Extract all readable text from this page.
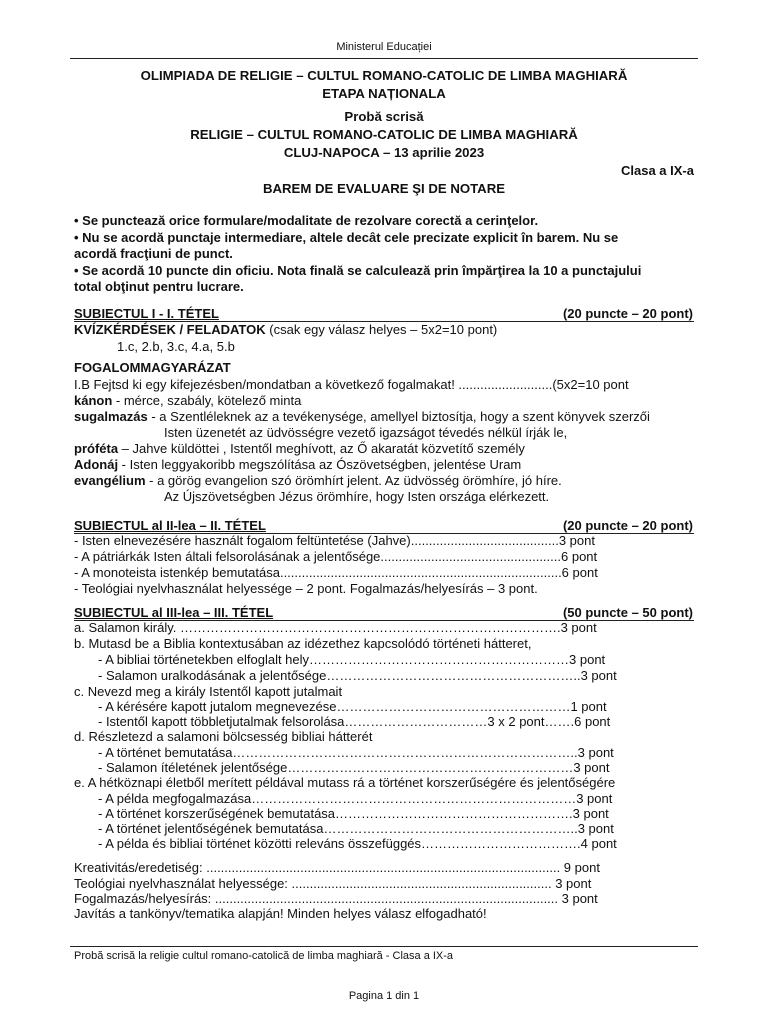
Ministerul Educației
OLIMPIADA DE RELIGIE – CULTUL ROMANO-CATOLIC DE LIMBA MAGHIARĂ
ETAPA NAȚIONALA
Probă scrisă
RELIGIE – CULTUL ROMANO-CATOLIC DE LIMBA MAGHIARĂ
CLUJ-NAPOCA – 13 aprilie 2023
Clasa a IX-a
BAREM DE EVALUARE ŞI DE NOTARE
• Se punctează orice formulare/modalitate de rezolvare corectă a cerinţelor.
• Nu se acordă punctaje intermediare, altele decât cele precizate explicit în barem. Nu se
acordă fracţiuni de punct.
• Se acordă 10 puncte din oficiu. Nota finală se calculează prin împărţirea la 10 a punctajului
total obţinut pentru lucrare.
SUBIECTUL I - I. TÉTEL	(20 puncte – 20 pont)
KVÍZKÉRDÉSEK / FELADATOK (csak egy válasz helyes – 5x2=10 pont)
1.c, 2.b, 3.c, 4.a, 5.b
FOGALOMMAGYARÁZAT
I.B Fejtsd ki egy kifejezésben/mondatban a következő fogalmakat! ..........................(5x2=10 pont
kánon - mérce, szabály, kötelező minta
sugalmazás - a Szentléleknek az a tevékenysége, amellyel biztosítja, hogy a szent könyvek szerzői
Isten üzenetét az üdvösségre vezető igazságot tévedés nélkül írják le,
próféta – Jahve küldöttei , Istentől meghívott, az Ő akaratát közvetítő személy
Adonáj - Isten leggyakoribb megszólítása az Ószövetségben, jelentése Uram
evangélium - a görög evangelion szó örömhírt jelent. Az üdvösség örömhíre, jó híre.
Az Újszövetségben Jézus örömhíre, hogy Isten országa elérkezett.
SUBIECTUL al II-lea – II. TÉTEL	(20 puncte – 20 pont)
- Isten elnevezésére használt fogalom feltüntetése (Jahve).........................................3 pont
- A pátriárkák Isten általi felsorolásának a jelentősége..................................................6 pont
- A monoteista istenkép bemutatása..............................................................................6 pont
- Teológiai nyelvhasználat helyessége – 2 pont. Fogalmazás/helyesírás – 3 pont.
SUBIECTUL al III-lea – III. TÉTEL	(50 puncte – 50 pont)
a. Salamon király. …………………………………………………………………………….3 pont
b. Mutasd be a Biblia kontextusában az idézethez kapcsolódó történeti hátteret,
- A bibliai történetekben elfoglalt hely……………………………………………………3 pont
- Salamon uralkodásának a jelentősége…………………………………………………..3 pont
c. Nevezd meg a király Istentől kapott jutalmait
- A kérésére kapott jutalom megnevezése………………………………………………1 pont
- Istentől kapott többletjutalmak felsorolása……………………………3 x 2 pont…….6 pont
d. Részletezd a salamoni bölcsesség bibliai hátterét
- A történet bemutatása……………………………………………………………………..3 pont
- Salamon ítéletének jelentősége…………………………………………………………3 pont
e. A hétköznapi életből merített példával mutass rá a történet korszerűségére és jelentőségére
- A példa megfogalmazása…………………………………………………………………3 pont
- A történet korszerűségének bemutatása……………………………………………….3 pont
- A történet jelentőségének bemutatása…………………………………………………..3 pont
- A példa és bibliai történet közötti releváns összefüggés……………………………….4 pont
Kreativitás/eredetiség: .................................................................................................. 9 pont
Teológiai nyelvhasználat helyessége: ........................................................................ 3 pont
Fogalmazás/helyesírás: ............................................................................................... 3 pont
Javítás a tankönyv/tematika alapján! Minden helyes válasz elfogadható!
Probă scrisă la religie cultul romano-catolică de limba maghiară - Clasa a IX-a
Pagina 1 din 1
